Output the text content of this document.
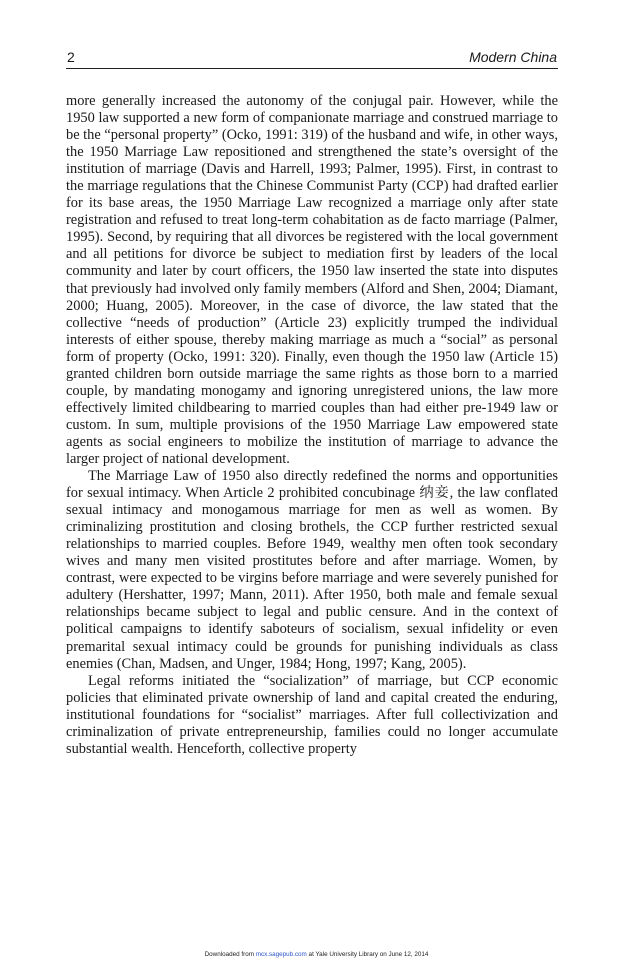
2	Modern China

more generally increased the autonomy of the conjugal pair. However, while the 1950 law supported a new form of companionate marriage and construed marriage to be the “personal property” (Ocko, 1991: 319) of the husband and wife, in other ways, the 1950 Marriage Law repositioned and strengthened the state’s oversight of the institution of marriage (Davis and Harrell, 1993; Palmer, 1995). First, in contrast to the marriage regulations that the Chinese Communist Party (CCP) had drafted earlier for its base areas, the 1950 Marriage Law recognized a marriage only after state registration and refused to treat long-term cohabitation as de facto marriage (Palmer, 1995). Second, by requiring that all divorces be registered with the local government and all petitions for divorce be subject to mediation first by leaders of the local community and later by court officers, the 1950 law inserted the state into disputes that previously had involved only family members (Alford and Shen, 2004; Diamant, 2000; Huang, 2005). Moreover, in the case of divorce, the law stated that the collective “needs of production” (Article 23) explicitly trumped the individual interests of either spouse, thereby making marriage as much a “social” as personal form of property (Ocko, 1991: 320). Finally, even though the 1950 law (Article 15) granted children born outside marriage the same rights as those born to a married couple, by mandating monogamy and ignoring unregistered unions, the law more effectively limited childbearing to married couples than had either pre-1949 law or custom. In sum, multiple provisions of the 1950 Marriage Law empowered state agents as social engineers to mobilize the institution of marriage to advance the larger project of national development.

The Marriage Law of 1950 also directly redefined the norms and opportunities for sexual intimacy. When Article 2 prohibited concubinage 纳妾, the law conflated sexual intimacy and monogamous marriage for men as well as women. By criminalizing prostitution and closing brothels, the CCP further restricted sexual relationships to married couples. Before 1949, wealthy men often took secondary wives and many men visited prostitutes before and after marriage. Women, by contrast, were expected to be virgins before marriage and were severely punished for adultery (Hershatter, 1997; Mann, 2011). After 1950, both male and female sexual relationships became subject to legal and public censure. And in the context of political campaigns to identify saboteurs of socialism, sexual infidelity or even premarital sexual intimacy could be grounds for punishing individuals as class enemies (Chan, Madsen, and Unger, 1984; Hong, 1997; Kang, 2005).

Legal reforms initiated the “socialization” of marriage, but CCP economic policies that eliminated private ownership of land and capital created the enduring, institutional foundations for “socialist” marriages. After full collectivization and criminalization of private entrepreneurship, families could no longer accumulate substantial wealth. Henceforth, collective property

Downloaded from mcx.sagepub.com at Yale University Library on June 12, 2014
